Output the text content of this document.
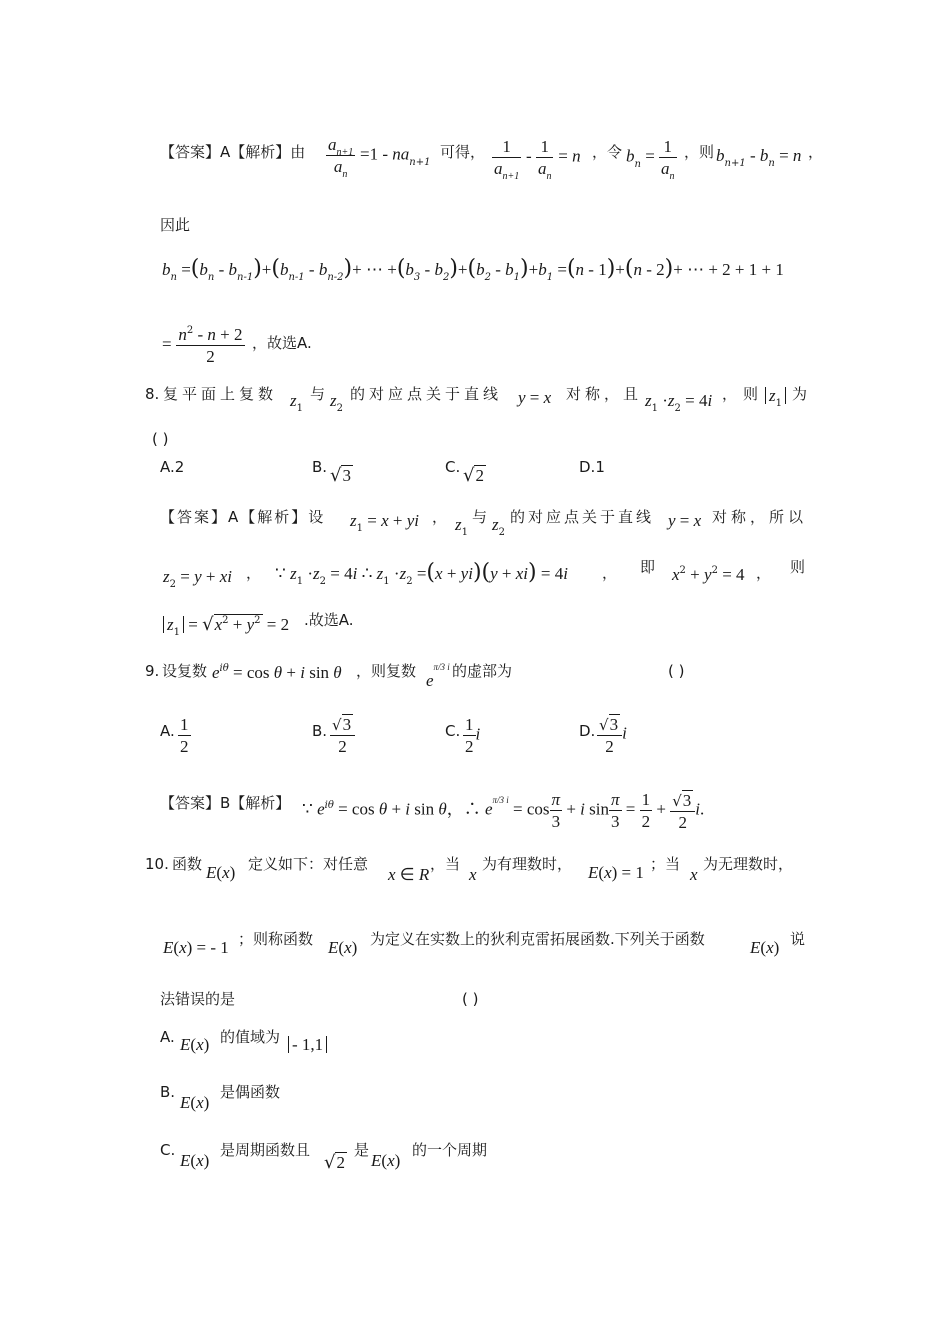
【答案】A【解析】由 $\frac{a_{n+1}}{a_n} =1 - na_{n+1}$
可得， $\frac{1}{a_{n+1}} - \frac{1}{a_n} = n$ ，令 $b_n = \frac{1}{a_n}$ ，则 $b_{n+1} - b_n = n$ ，
因此
$b_n =(b_n - b_{n-1})+(b_{n-1} - b_{n-2})+$ ⋯ $+(b_3 - b_2)+(b_2 - b_1)+b_1 =(n - 1)+(n - 2)+$ ⋯ + 2 + 1 + 1
= $\frac{n^2 - n + 2}{2}$ ，故选A.
8. 复平面上复数 $z_1$
与 $z_2$
的对应点关于直线 y = x 对称，且 $z_1 \cdot z_2 = 4i$ ，则 $z_1$
为
( )
A.2	B. √3	C. √2	D.1
【答案】A【解析】设 $z_1 = x$ + yi ， $z_1$
与 $z_2$
的对应点关于直线 y = x 对称，所以
$z_2 = y$ + xi ， ∵ $z_1 \cdot z_2 = 4i$ ∴ $z_1 \cdot z_2 =(x + yi)(y + xi) = 4i$ ， 即 $x^2 + y^2 = 4$ ， 则
$z_1 = √x^2 + y^2 = 2$ .故选A.
9. 设复数 $e^{i\theta} = \cos \theta + i$ sin θ ，则复数 eπ/3 i 的虚部为	( )
A. $\frac{1}{2}$	B. $\frac{√3}{2}$	C. $\frac{1}{2}$ i	D. $\frac{√3}{2}$ i
【答案】B【解析】 ∵ $e^{i\theta} = \cos \theta + i$ sin θ，∴ $e^{\pi/3 i} = \cos \frac{\pi}{3} + i$ $\sin \frac{\pi}{3} = \frac{1}{2} + \frac{√3}{2} i$.
10. 函数 E(x) 定义如下：对任意
x ∈ R
，当
x
为有理数时， E(x) = 1 ；当
x
为无理数时，
E(x) = - 1 ；则称函数 E(x) 为定义在实数上的狄利克雷拓展函数.下列关于函数	E(x) 说
法错误的是	( )
A. E(x) 的值域为 - 1,1
B.
E(x)
是偶函数
C.
E(x)
是周期函数且
√2
是
E(x)
的一个周期
